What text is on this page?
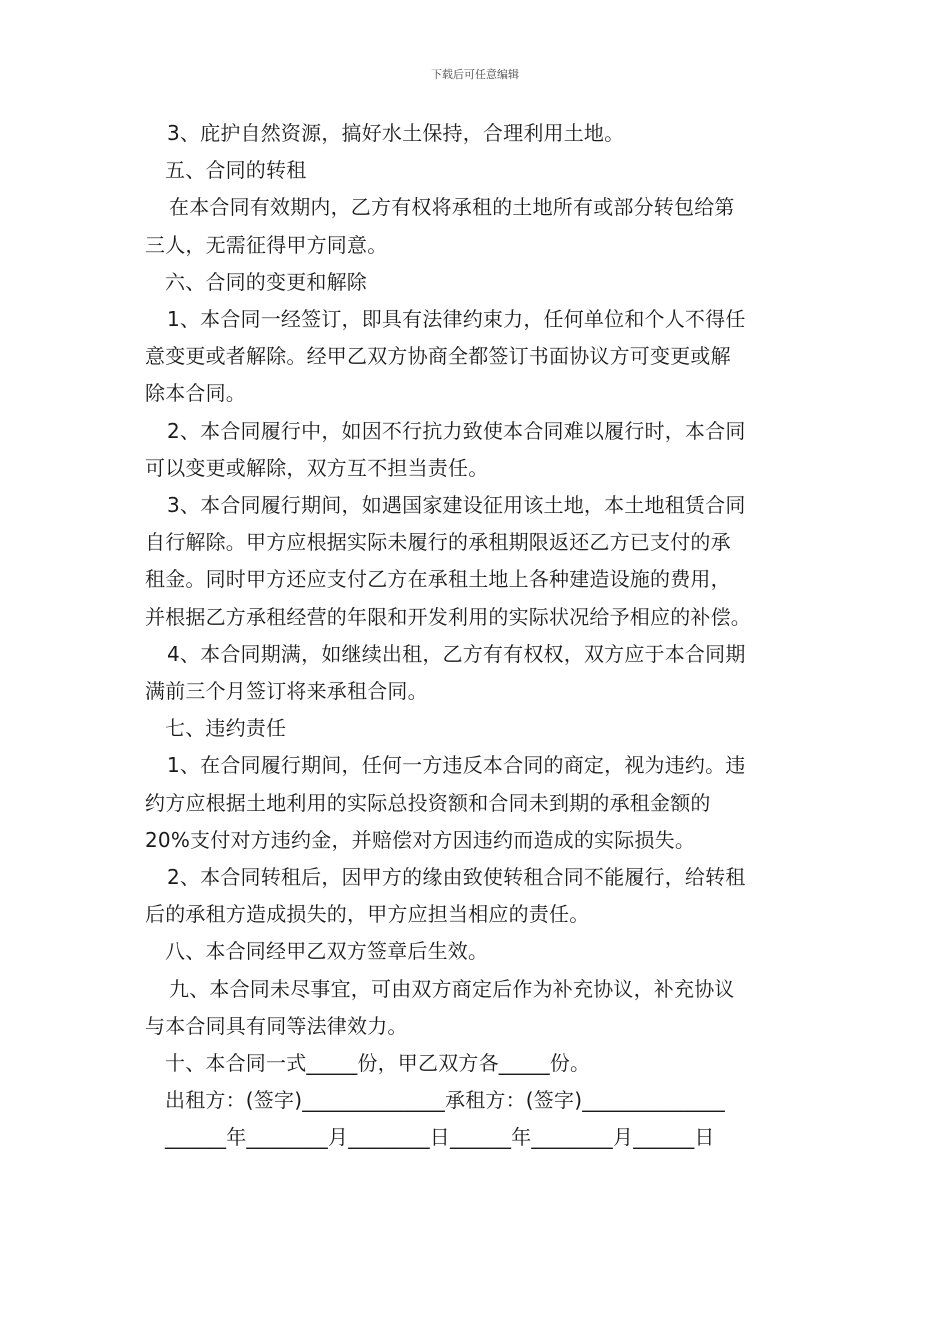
下载后可任意编辑

3、庇护自然资源，搞好水土保持，合理利用土地。

五、合同的转租

在本合同有效期内，乙方有权将承租的土地所有或部分转包给第

三人，无需征得甲方同意。

六、合同的变更和解除

1、本合同一经签订，即具有法律约束力，任何单位和个人不得任

意变更或者解除。经甲乙双方协商全都签订书面协议方可变更或解

除本合同。

2、本合同履行中，如因不行抗力致使本合同难以履行时，本合同

可以变更或解除，双方互不担当责任。

3、本合同履行期间，如遇国家建设征用该土地，本土地租赁合同

自行解除。甲方应根据实际未履行的承租期限返还乙方已支付的承

租金。同时甲方还应支付乙方在承租土地上各种建造设施的费用，

并根据乙方承租经营的年限和开发利用的实际状况给予相应的补偿。

4、本合同期满，如继续出租，乙方有有权权，双方应于本合同期

满前三个月签订将来承租合同。

七、违约责任

1、在合同履行期间，任何一方违反本合同的商定，视为违约。违

约方应根据土地利用的实际总投资额和合同未到期的承租金额的

20%支付对方违约金，并赔偿对方因违约而造成的实际损失。

2、本合同转租后，因甲方的缘由致使转租合同不能履行，给转租

后的承租方造成损失的，甲方应担当相应的责任。

八、本合同经甲乙双方签章后生效。

九、本合同未尽事宜，可由双方商定后作为补充协议，补充协议

与本合同具有同等法律效力。

十、本合同一式_____份，甲乙双方各_____份。

出租方：(签字)______________承租方：(签字)______________

______年________月________日______年________月______日
